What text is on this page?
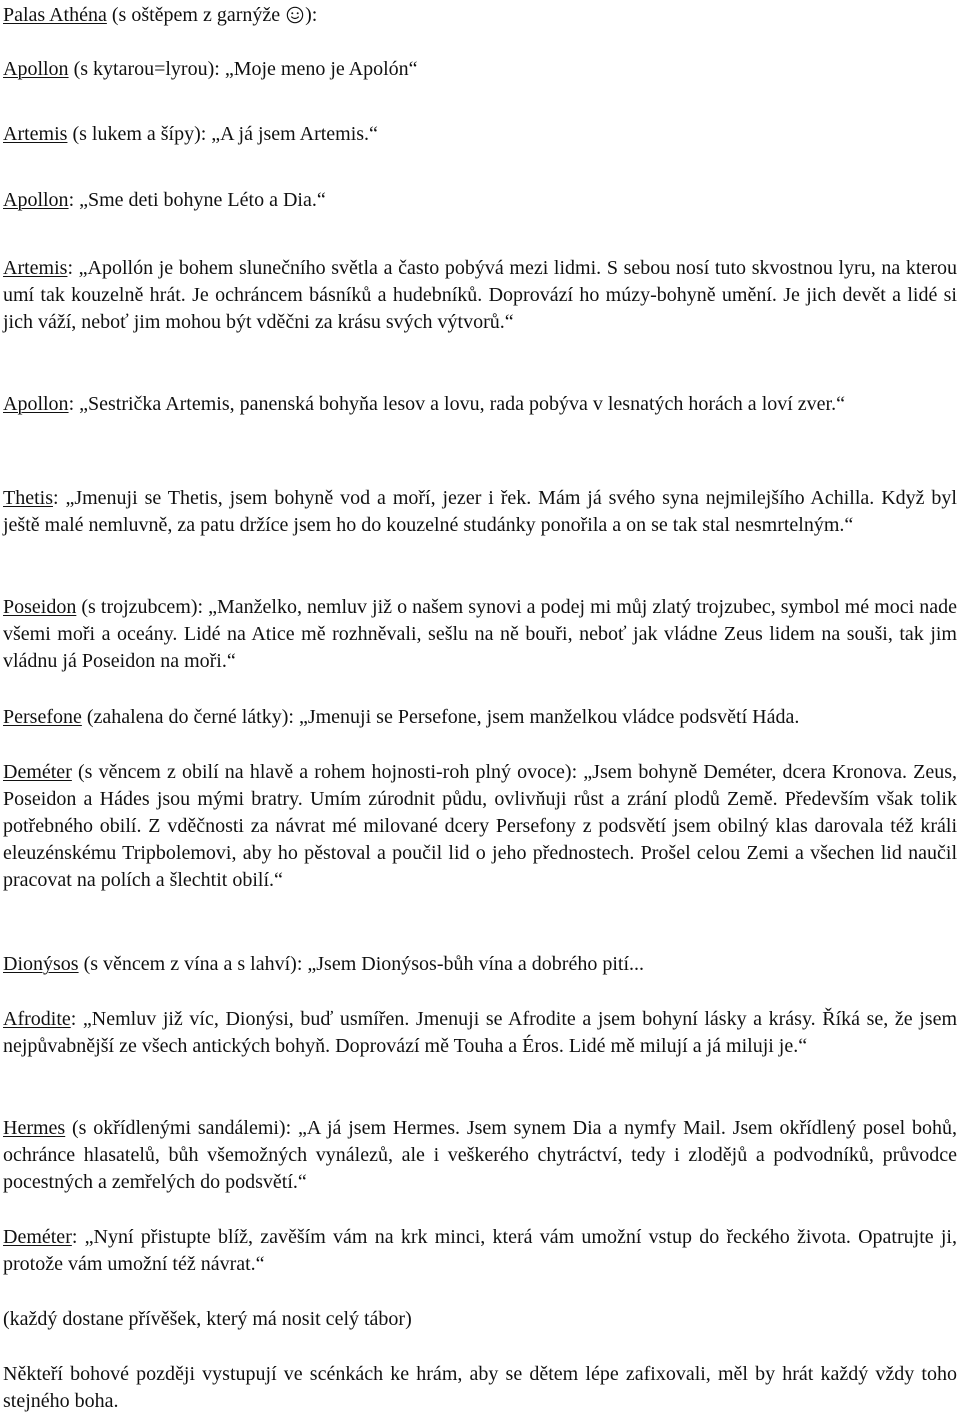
Palas Athéna (s oštěpem z garnýže ):

Apollon (s kytarou=lyrou): „Moje meno je Apolón“

Artemis (s lukem a šípy): „A já jsem Artemis.“

Apollon: „Sme deti bohyne Léto a Dia.“

Artemis: „Apollón je bohem slunečního světla a často pobývá mezi lidmi. S sebou nosí tuto skvostnou lyru, na kterou umí tak kouzelně hrát. Je ochráncem básníků a hudebníků. Doprovází ho múzy-bohyně umění. Je jich devět a lidé si jich váží, neboť jim mohou být vděčni za krásu svých výtvorů.“

Apollon: „Sestrička Artemis, panenská bohyňa lesov a lovu, rada pobýva v lesnatých horách a loví zver.“

Thetis: „Jmenuji se Thetis, jsem bohyně vod a moří, jezer i řek. Mám já svého syna nejmilejšího Achilla. Když byl ještě malé nemluvně, za patu držíce jsem ho do kouzelné studánky ponořila a on se tak stal nesmrtelným.“

Poseidon (s trojzubcem): „Manželko, nemluv již o našem synovi a podej mi můj zlatý trojzubec, symbol mé moci nade všemi moři a oceány. Lidé na Atice mě rozhněvali, sešlu na ně bouři, neboť jak vládne Zeus lidem na souši, tak jim vládnu já Poseidon na moři.“

Persefone (zahalena do černé látky): „Jmenuji se Persefone, jsem manželkou vládce podsvětí Háda.

Deméter (s věncem z obilí na hlavě a rohem hojnosti-roh plný ovoce): „Jsem bohyně Deméter, dcera Kronova. Zeus, Poseidon a Hádes jsou mými bratry. Umím zúrodnit půdu, ovlivňuji růst a zrání plodů Země. Především však tolik potřebného obilí. Z vděčnosti za návrat mé milované dcery Persefony z podsvětí jsem obilný klas darovala též králi eleuzénskému Tripbolemovi, aby ho pěstoval a poučil lid o jeho přednostech. Prošel celou Zemi a všechen lid naučil pracovat na polích a šlechtit obilí.“

Dionýsos (s věncem z vína a s lahví): „Jsem Dionýsos-bůh vína a dobrého pití...

Afrodite: „Nemluv již víc, Dionýsi, buď usmířen. Jmenuji se Afrodite a jsem bohyní lásky a krásy. Říká se, že jsem nejpůvabnější ze všech antických bohyň. Doprovází mě Touha a Éros. Lidé mě milují a já miluji je.“

Hermes (s okřídlenými sandálemi): „A já jsem Hermes. Jsem synem Dia a nymfy Mail. Jsem okřídlený posel bohů, ochránce hlasatelů, bůh všemožných vynálezů, ale i veškerého chytráctví, tedy i zlodějů a podvodníků, průvodce pocestných a zemřelých do podsvětí.“

Deméter: „Nyní přistupte blíž, zavěším vám na krk minci, která vám umožní vstup do řeckého života. Opatrujte ji, protože vám umožní též návrat.“

(každý dostane přívěšek, který má nosit celý tábor)

Někteří bohové později vystupují ve scénkách ke hrám, aby se dětem lépe zafixovali, měl by hrát každý vždy toho stejného boha.
